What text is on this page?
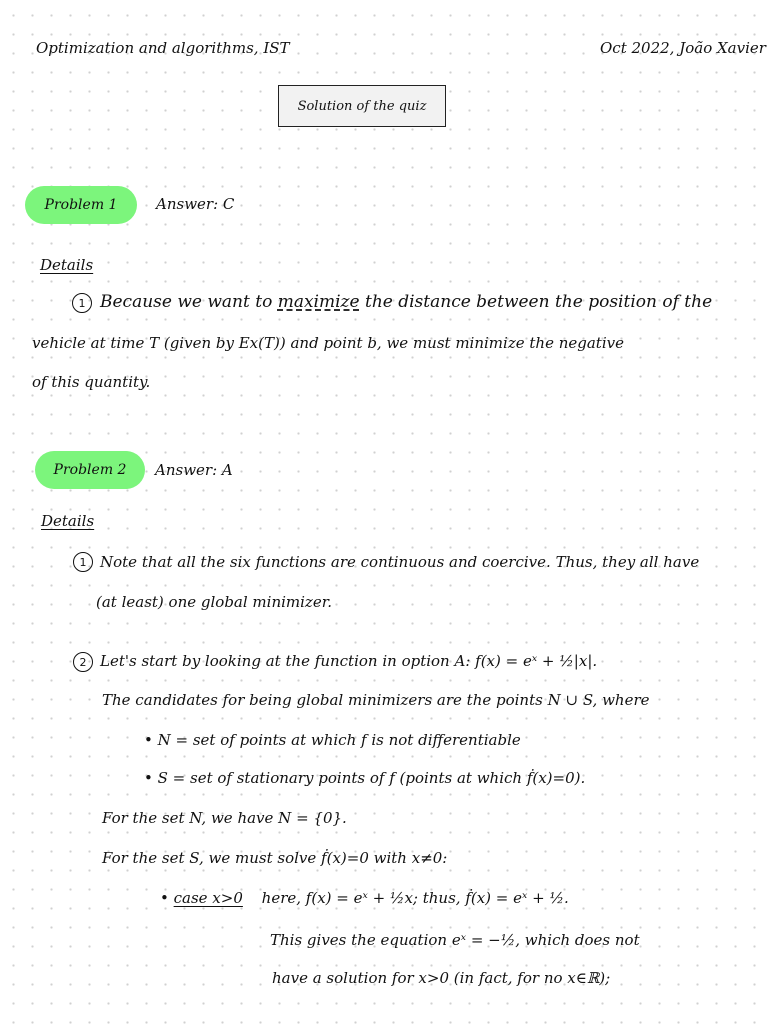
Optimization and algorithms, IST	Oct 2022, João Xavier
Solution of the quiz
Problem 1	Answer: C
Details
1 Because we want to maximize the distance between the position of the
vehicle at time T (given by Ex(T)) and point b, we must minimize the negative
of this quantity.
Problem 2 Answer: A
Details
1 Note that all the six functions are continuous and coercive. Thus, they all have
(at least) one global minimizer.
2 Let's start by looking at the function in option A: f(x) = eˣ + ½|x|.
The candidates for being global minimizers are the points N ∪ S, where
• N = set of points at which f is not differentiable
• S = set of stationary points of f (points at which ḟ(x)=0).
For the set N, we have N = {0}.
For the set S, we must solve ḟ(x)=0 with x≠0:
• case x>0 here, f(x) = eˣ + ½x; thus, ḟ(x) = eˣ + ½.
This gives the equation eˣ = −½, which does not
have a solution for x>0 (in fact, for no x∈ℝ);
